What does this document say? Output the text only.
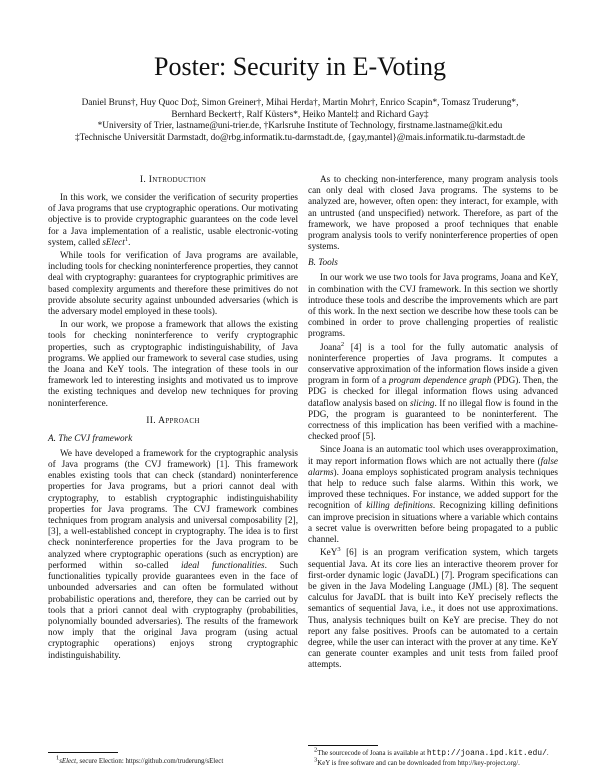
Poster: Security in E-Voting
Daniel Bruns†, Huy Quoc Do‡, Simon Greiner†, Mihai Herda†, Martin Mohr†, Enrico Scapin*, Tomasz Truderung*,
Bernhard Beckert†, Ralf Küsters*, Heiko Mantel‡ and Richard Gay‡
*University of Trier, lastname@uni-trier.de, †Karlsruhe Institute of Technology, firstname.lastname@kit.edu
‡Technische Universität Darmstadt, do@rbg.informatik.tu-darmstadt.de, {gay,mantel}@mais.informatik.tu-darmstadt.de
I. Introduction

In this work, we consider the verification of security properties of Java programs that use cryptographic operations. Our motivating objective is to provide cryptographic guarantees on the code level for a Java implementation of a realistic, usable electronic-voting system, called sElect$^1$.

While tools for verification of Java programs are available, including tools for checking noninterference properties, they cannot deal with cryptography: guarantees for cryptographic primitives are based complexity arguments and therefore these primitives do not provide absolute security against unbounded adversaries (which is the adversary model employed in these tools).

In our work, we propose a framework that allows the existing tools for checking noninterference to verify cryptographic properties, such as cryptographic indistinguishability, of Java programs. We applied our framework to several case studies, using the Joana and KeY tools. The integration of these tools in our framework led to interesting insights and motivated us to improve the existing techniques and develop new techniques for proving noninterference.

II. Approach
A. The CVJ framework

We have developed a framework for the cryptographic analysis of Java programs (the CVJ framework) [1]. This framework enables existing tools that can check (standard) noninterference properties for Java programs, but a priori cannot deal with cryptography, to establish cryptographic indistinguishability properties for Java programs. The CVJ framework combines techniques from program analysis and universal composability [2], [3], a well-established concept in cryptography. The idea is to first check noninterference properties for the Java program to be analyzed where cryptographic operations (such as encryption) are performed within so-called ideal functionalities. Such functionalities typically provide guarantees even in the face of unbounded adversaries and can often be formulated without probabilistic operations and, therefore, they can be carried out by tools that a priori cannot deal with cryptography (probabilities, polynomially bounded adversaries). The results of the framework now imply that the original Java program (using actual cryptographic operations) enjoys strong cryptographic indistinguishability.

1sElect, secure Election: https://github.com/truderung/sElect

As to checking non-interference, many program analysis tools can only deal with closed Java programs. The systems to be analyzed are, however, often open: they interact, for example, with an untrusted (and unspecified) network. Therefore, as part of the framework, we have proposed a proof techniques that enable program analysis tools to verify noninterference properties of open systems.

B. Tools

In our work we use two tools for Java programs, Joana and KeY, in combination with the CVJ framework. In this section we shortly introduce these tools and describe the improvements which are part of this work. In the next section we describe how these tools can be combined in order to prove challenging properties of realistic programs.

Joana$^2$ [4] is a tool for the fully automatic analysis of noninterference properties of Java programs. It computes a conservative approximation of the information flows inside a given program in form of a program dependence graph (PDG). Then, the PDG is checked for illegal information flows using advanced dataflow analysis based on slicing. If no illegal flow is found in the PDG, the program is guaranteed to be noninterferent. The correctness of this implication has been verified with a machine-checked proof [5].

Since Joana is an automatic tool which uses overapproximation, it may report information flows which are not actually there (false alarms). Joana employs sophisticated program analysis techniques that help to reduce such false alarms. Within this work, we improved these techniques. For instance, we added support for the recognition of killing definitions. Recognizing killing definitions can improve precision in situations where a variable which contains a secret value is overwritten before being propagated to a public channel.

KeY$^3$ [6] is an program verification system, which targets sequential Java. At its core lies an interactive theorem prover for first-order dynamic logic (JavaDL) [7]. Program specifications can be given in the Java Modeling Language (JML) [8]. The sequent calculus for JavaDL that is built into KeY precisely reflects the semantics of sequential Java, i.e., it does not use approximations. Thus, analysis techniques built on KeY are precise. They do not report any false positives. Proofs can be automated to a certain degree, while the user can interact with the prover at any time. KeY can generate counter examples and unit tests from failed proof attempts.

2The sourcecode of Joana is available at http://joana.ipd.kit.edu/.
3KeY is free software and can be downloaded from http://key-project.org/.
